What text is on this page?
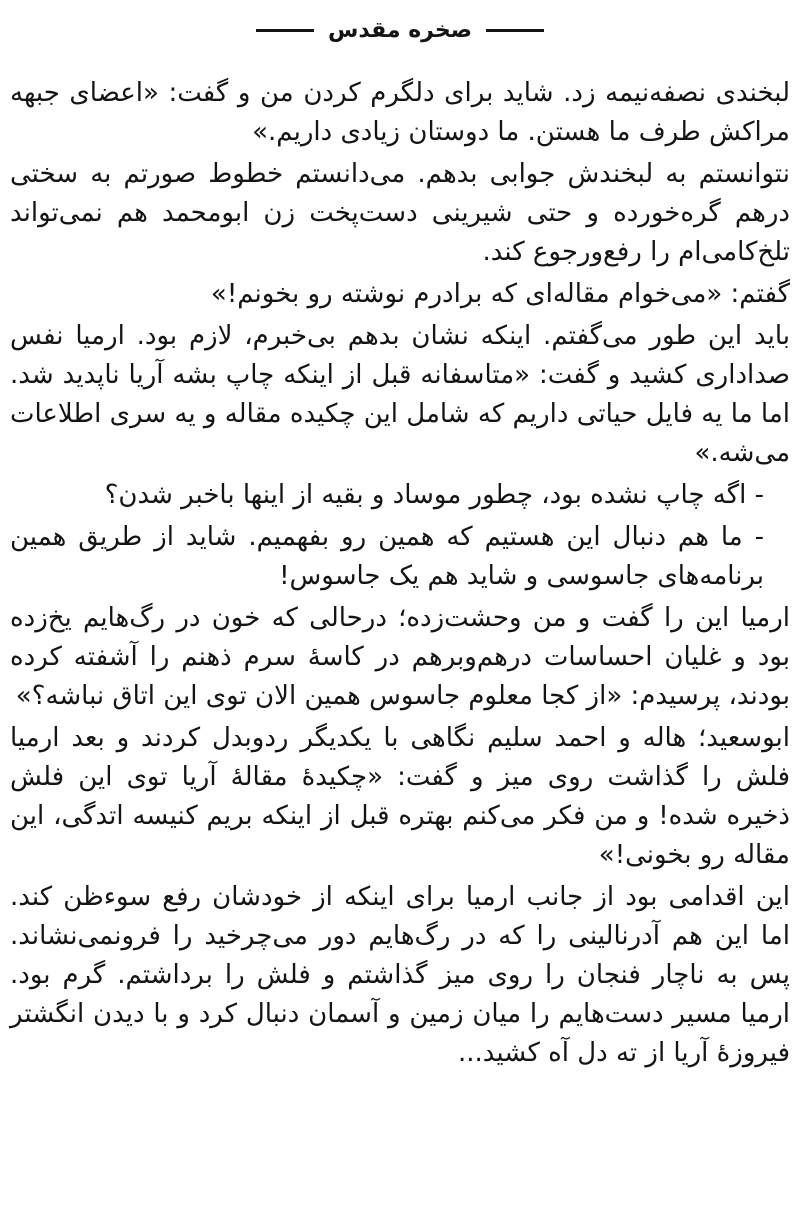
صخره مقدس

لبخندی نصفه‌نیمه زد. شاید برای دلگرم کردن من و گفت: «اعضای جبهه مراکش طرف ما هستن. ما دوستان زیادی داریم.»

نتوانستم به لبخندش جوابی بدهم. می‌دانستم خطوط صورتم به سختی درهم گره‌خورده و حتی شیرینی دست‌پخت زن ابومحمد هم نمی‌تواند تلخ‌کامی‌ام را رفع‌ورجوع کند.

گفتم: «می‌خوام مقاله‌ای که برادرم نوشته رو بخونم!»

باید این طور می‌گفتم. اینکه نشان بدهم بی‌خبرم، لازم بود. ارمیا نفس صداداری کشید و گفت: «متاسفانه قبل از اینکه چاپ بشه آریا ناپدید شد. اما ما یه فایل حیاتی داریم که شامل این چکیده مقاله و یه سری اطلاعات می‌شه.»

- اگه چاپ نشده بود، چطور موساد و بقیه از اینها باخبر شدن؟

- ما هم دنبال این هستیم که همین رو بفهمیم. شاید از طریق همین برنامه‌های جاسوسی و شاید هم یک جاسوس!

ارمیا این را گفت و من وحشت‌زده؛ درحالی که خون در رگ‌هایم یخ‌زده بود و غلیان احساسات درهم‌وبرهم در کاسهٔ سرم ذهنم را آشفته کرده بودند، پرسیدم: «از کجا معلوم جاسوس همین الان توی این اتاق نباشه؟»

ابوسعید؛ هاله و احمد سلیم نگاهی با یکدیگر ردوبدل کردند و بعد ارمیا فلش را گذاشت روی میز و گفت: «چکیدهٔ مقالهٔ آریا توی این فلش ذخیره شده! و من فکر می‌کنم بهتره قبل از اینکه بریم کنیسه اتدگی، این مقاله رو بخونی!»

این اقدامی بود از جانب ارمیا برای اینکه از خودشان رفع سوءظن کند. اما این هم آدرنالینی را که در رگ‌هایم دور می‌چرخید را فرونمی‌نشاند. پس به ناچار فنجان را روی میز گذاشتم و فلش را برداشتم. گرم بود. ارمیا مسیر دست‌هایم را میان زمین و آسمان دنبال کرد و با دیدن انگشتر فیروزهٔ آریا از ته دل آه کشید...
